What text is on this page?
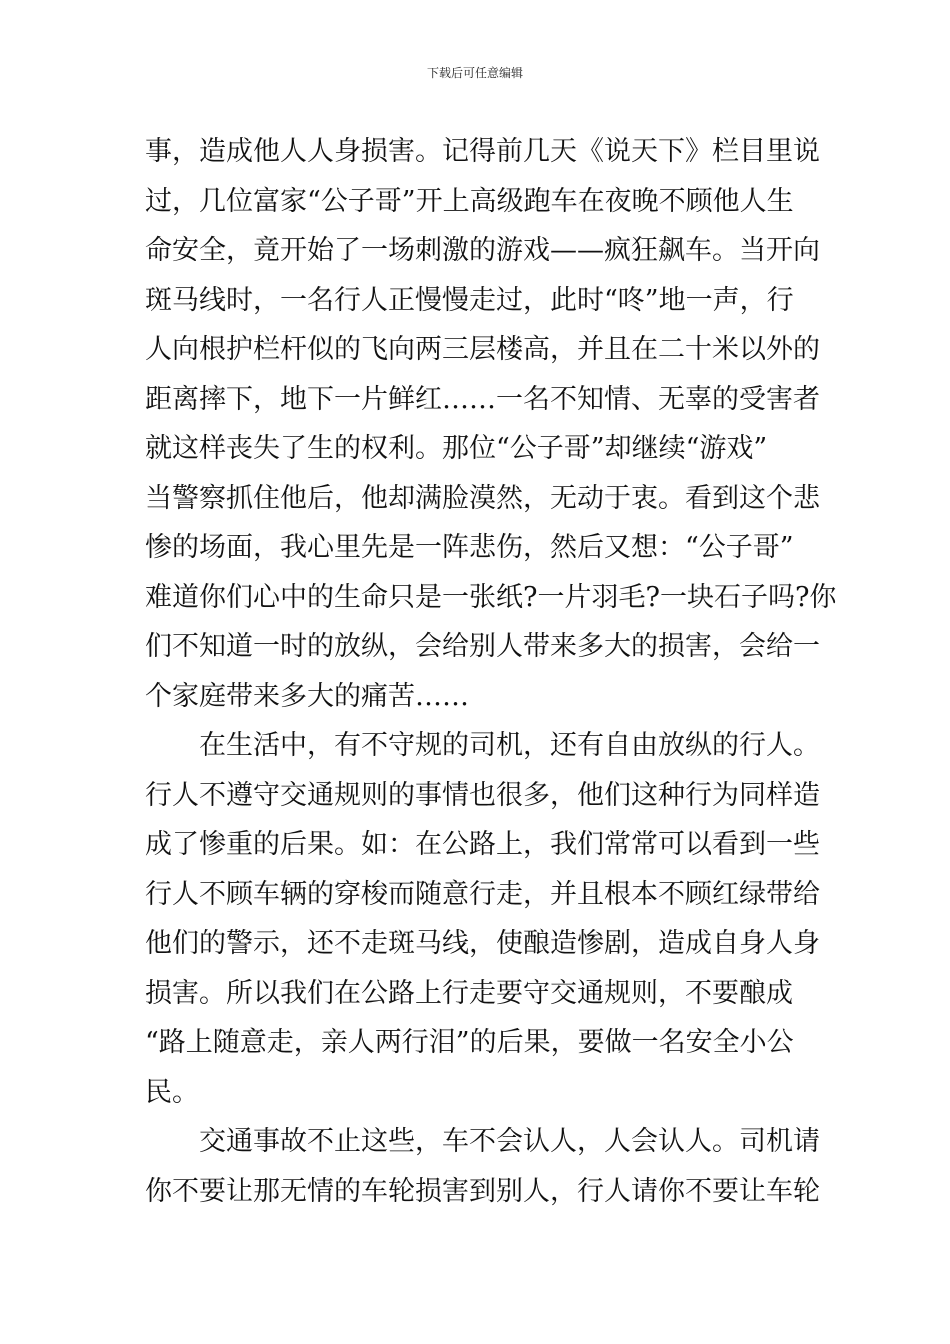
下载后可任意编辑
事，造成他人人身损害。记得前几天《说天下》栏目里说
过，几位富家“公子哥”开上高级跑车在夜晚不顾他人生
命安全，竟开始了一场刺激的游戏——疯狂飙车。当开向
斑马线时，一名行人正慢慢走过，此时“咚”地一声，行
人向根护栏杆似的飞向两三层楼高，并且在二十米以外的
距离摔下，地下一片鲜红……一名不知情、无辜的受害者
就这样丧失了生的权利。那位“公子哥”却继续“游戏”
当警察抓住他后，他却满脸漠然，无动于衷。看到这个悲
惨的场面，我心里先是一阵悲伤，然后又想：“公子哥”
难道你们心中的生命只是一张纸?一片羽毛?一块石子吗?你
们不知道一时的放纵，会给别人带来多大的损害，会给一
个家庭带来多大的痛苦……
在生活中，有不守规的司机，还有自由放纵的行人。
行人不遵守交通规则的事情也很多，他们这种行为同样造
成了惨重的后果。如：在公路上，我们常常可以看到一些
行人不顾车辆的穿梭而随意行走，并且根本不顾红绿带给
他们的警示，还不走斑马线，使酿造惨剧，造成自身人身
损害。所以我们在公路上行走要守交通规则，不要酿成
“路上随意走，亲人两行泪”的后果，要做一名安全小公
民。
交通事故不止这些，车不会认人，人会认人。司机请
你不要让那无情的车轮损害到别人，行人请你不要让车轮
